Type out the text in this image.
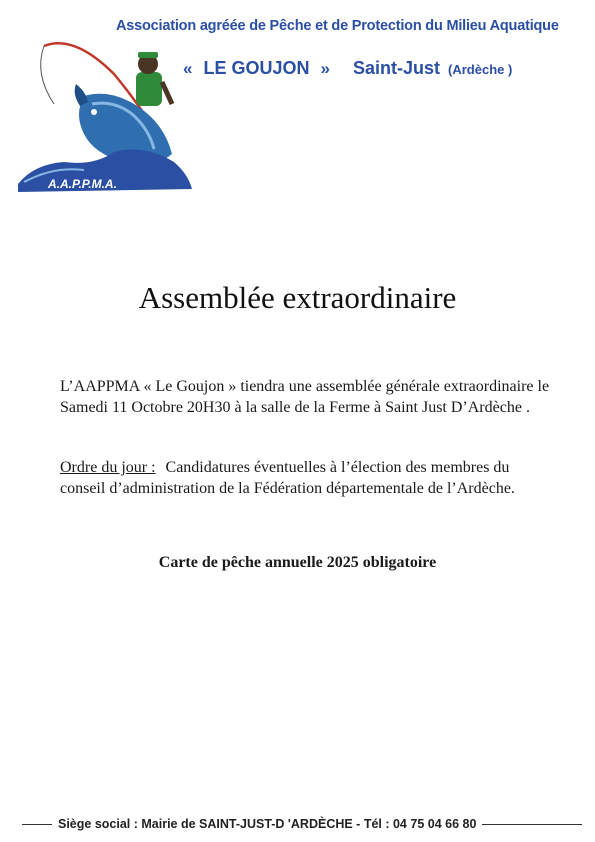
A.A.P.P.M.A.
Association agréée de Pêche et de Protection du Milieu Aquatique
« LE GOUJON » Saint-Just (Ardèche )
Assemblée extraordinaire
L’AAPPMA « Le Goujon » tiendra une assemblée générale extraordinaire le Samedi 11 Octobre 20H30 à la salle de la Ferme à Saint Just D’Ardèche .
Ordre du jour : Candidatures éventuelles à l’élection des membres du conseil d’administration de la Fédération départementale de l’Ardèche.
Carte de pêche annuelle 2025 obligatoire
Siège social : Mairie de SAINT-JUST-D 'ARDÈCHE - Tél : 04 75 04 66 80
